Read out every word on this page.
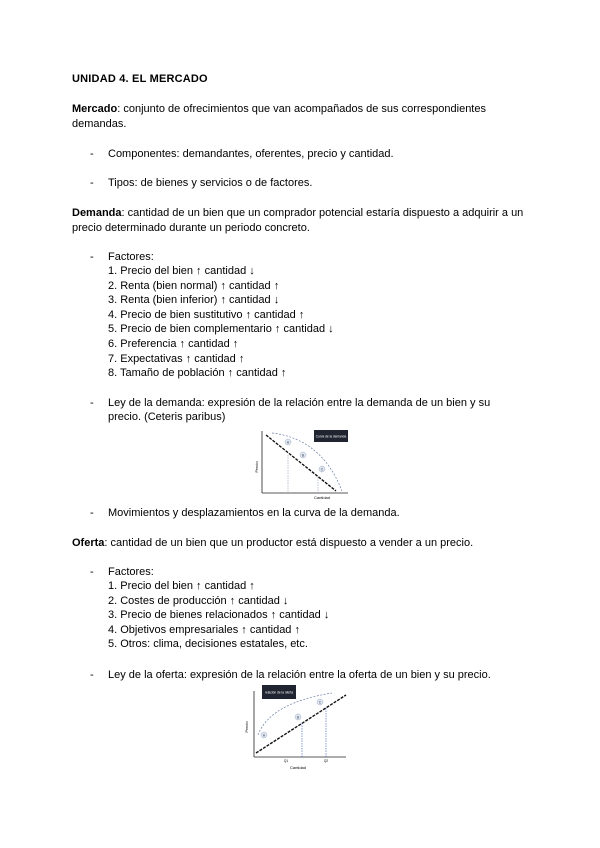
UNIDAD 4. EL MERCADO
Mercado: conjunto de ofrecimientos que van acompañados de sus correspondientes
demandas.
-	Componentes: demandantes, oferentes, precio y cantidad.
-	Tipos: de bienes y servicios o de factores.
Demanda: cantidad de un bien que un comprador potencial estaría dispuesto a adquirir a un
precio determinado durante un periodo concreto.
-	Factores:
1. Precio del bien ↑ cantidad ↓
2. Renta (bien normal) ↑ cantidad ↑
3. Renta (bien inferior) ↑ cantidad ↓
4. Precio de bien sustitutivo ↑ cantidad ↑
5. Precio de bien complementario ↑ cantidad ↓
6. Preferencia ↑ cantidad ↑
7. Expectativas ↑ cantidad ↑
8. Tamaño de población ↑ cantidad ↑
-	Ley de la demanda: expresión de la relación entre la demanda de un bien y su
precio. (Ceteris paribus)
Precio
Cantidad
A
B
C
Curva de la demanda
-	Movimientos y desplazamientos en la curva de la demanda.
Oferta: cantidad de un bien que un productor está dispuesto a vender a un precio.
-	Factores:
1. Precio del bien ↑ cantidad ↑
2. Costes de producción ↑ cantidad ↓
3. Precio de bienes relacionados ↑ cantidad ↓
4. Objetivos empresariales ↑ cantidad ↑
5. Otros: clima, decisiones estatales, etc.
-	Ley de la oferta: expresión de la relación entre la oferta de un bien y su precio.
Precio
Cantidad
Q1	Q2
A
B
C
relación de la oferta
